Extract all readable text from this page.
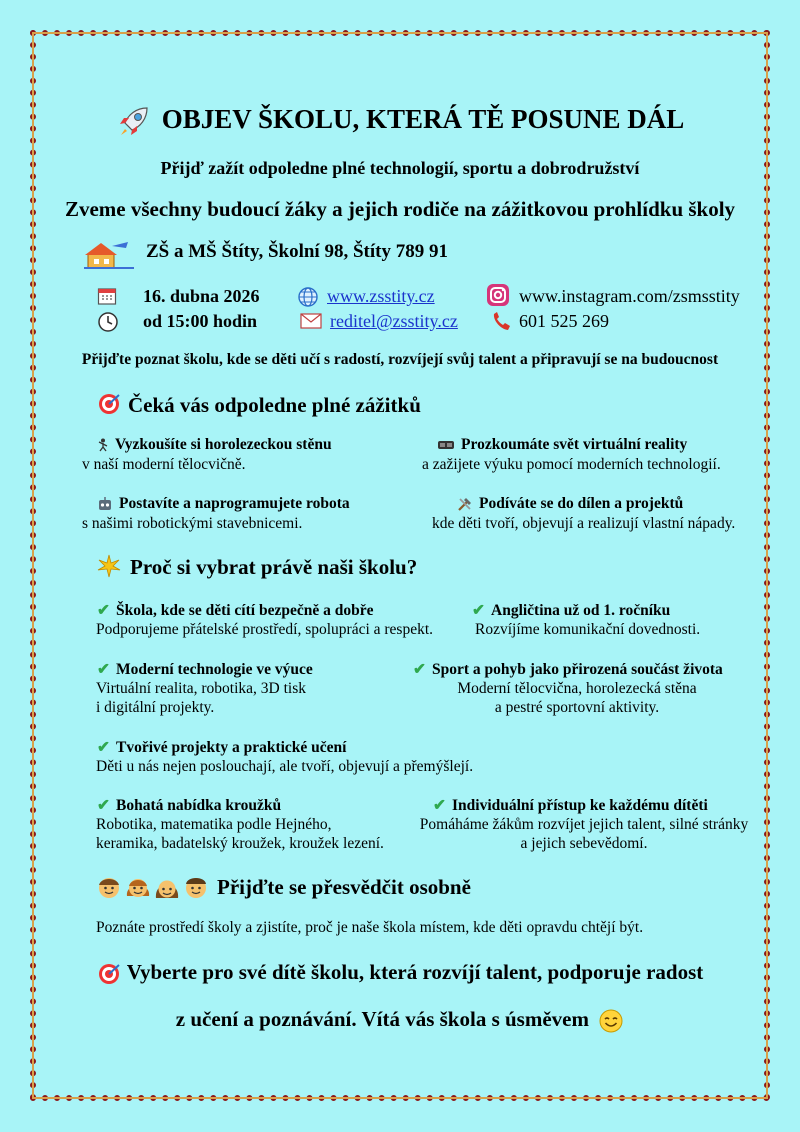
OBJEV ŠKOLU, KTERÁ TĚ POSUNE DÁL
Přijď zažít odpoledne plné technologií, sportu a dobrodružství
Zveme všechny budoucí žáky a jejich rodiče na zážitkovou prohlídku školy
ZŠ a MŠ Štíty, Školní 98, Štíty 789 91
16. dubna 2026	www.zsstity.cz	www.instagram.com/zsmsstity
od 15:00 hodin	reditel@zsstity.cz	601 525 269
Přijďte poznat školu, kde se děti učí s radostí, rozvíjejí svůj talent a připravují se na budoucnost
Čeká vás odpoledne plné zážitků
Vyzkoušíte si horolezeckou stěnu
v naší moderní tělocvičně.
Prozkoumáte svět virtuální reality
a zažijete výuku pomocí moderních technologií.
Postavíte a naprogramujete robota
s našimi robotickými stavebnicemi.
Podíváte se do dílen a projektů
kde děti tvoří, objevují a realizují vlastní nápady.
Proč si vybrat právě naši školu?
✔ Škola, kde se děti cítí bezpečně a dobře
Podporujeme přátelské prostředí, spolupráci a respekt.
✔ Angličtina už od 1. ročníku
Rozvíjíme komunikační dovednosti.
✔ Moderní technologie ve výuce
Virtuální realita, robotika, 3D tisk
i digitální projekty.
✔ Sport a pohyb jako přirozená součást života
Moderní tělocvična, horolezecká stěna
a pestré sportovní aktivity.
✔ Tvořivé projekty a praktické učení
Děti u nás nejen poslouchají, ale tvoří, objevují a přemýšlejí.
✔ Bohatá nabídka kroužků
Robotika, matematika podle Hejného,
keramika, badatelský kroužek, kroužek lezení.
✔ Individuální přístup ke každému dítěti
Pomáháme žákům rozvíjet jejich talent, silné stránky
a jejich sebevědomí.
Přijďte se přesvědčit osobně
Poznáte prostředí školy a zjistíte, proč je naše škola místem, kde děti opravdu chtějí být.
Vyberte pro své dítě školu, která rozvíjí talent, podporuje radost
z učení a poznávání. Vítá vás škola s úsměvem
